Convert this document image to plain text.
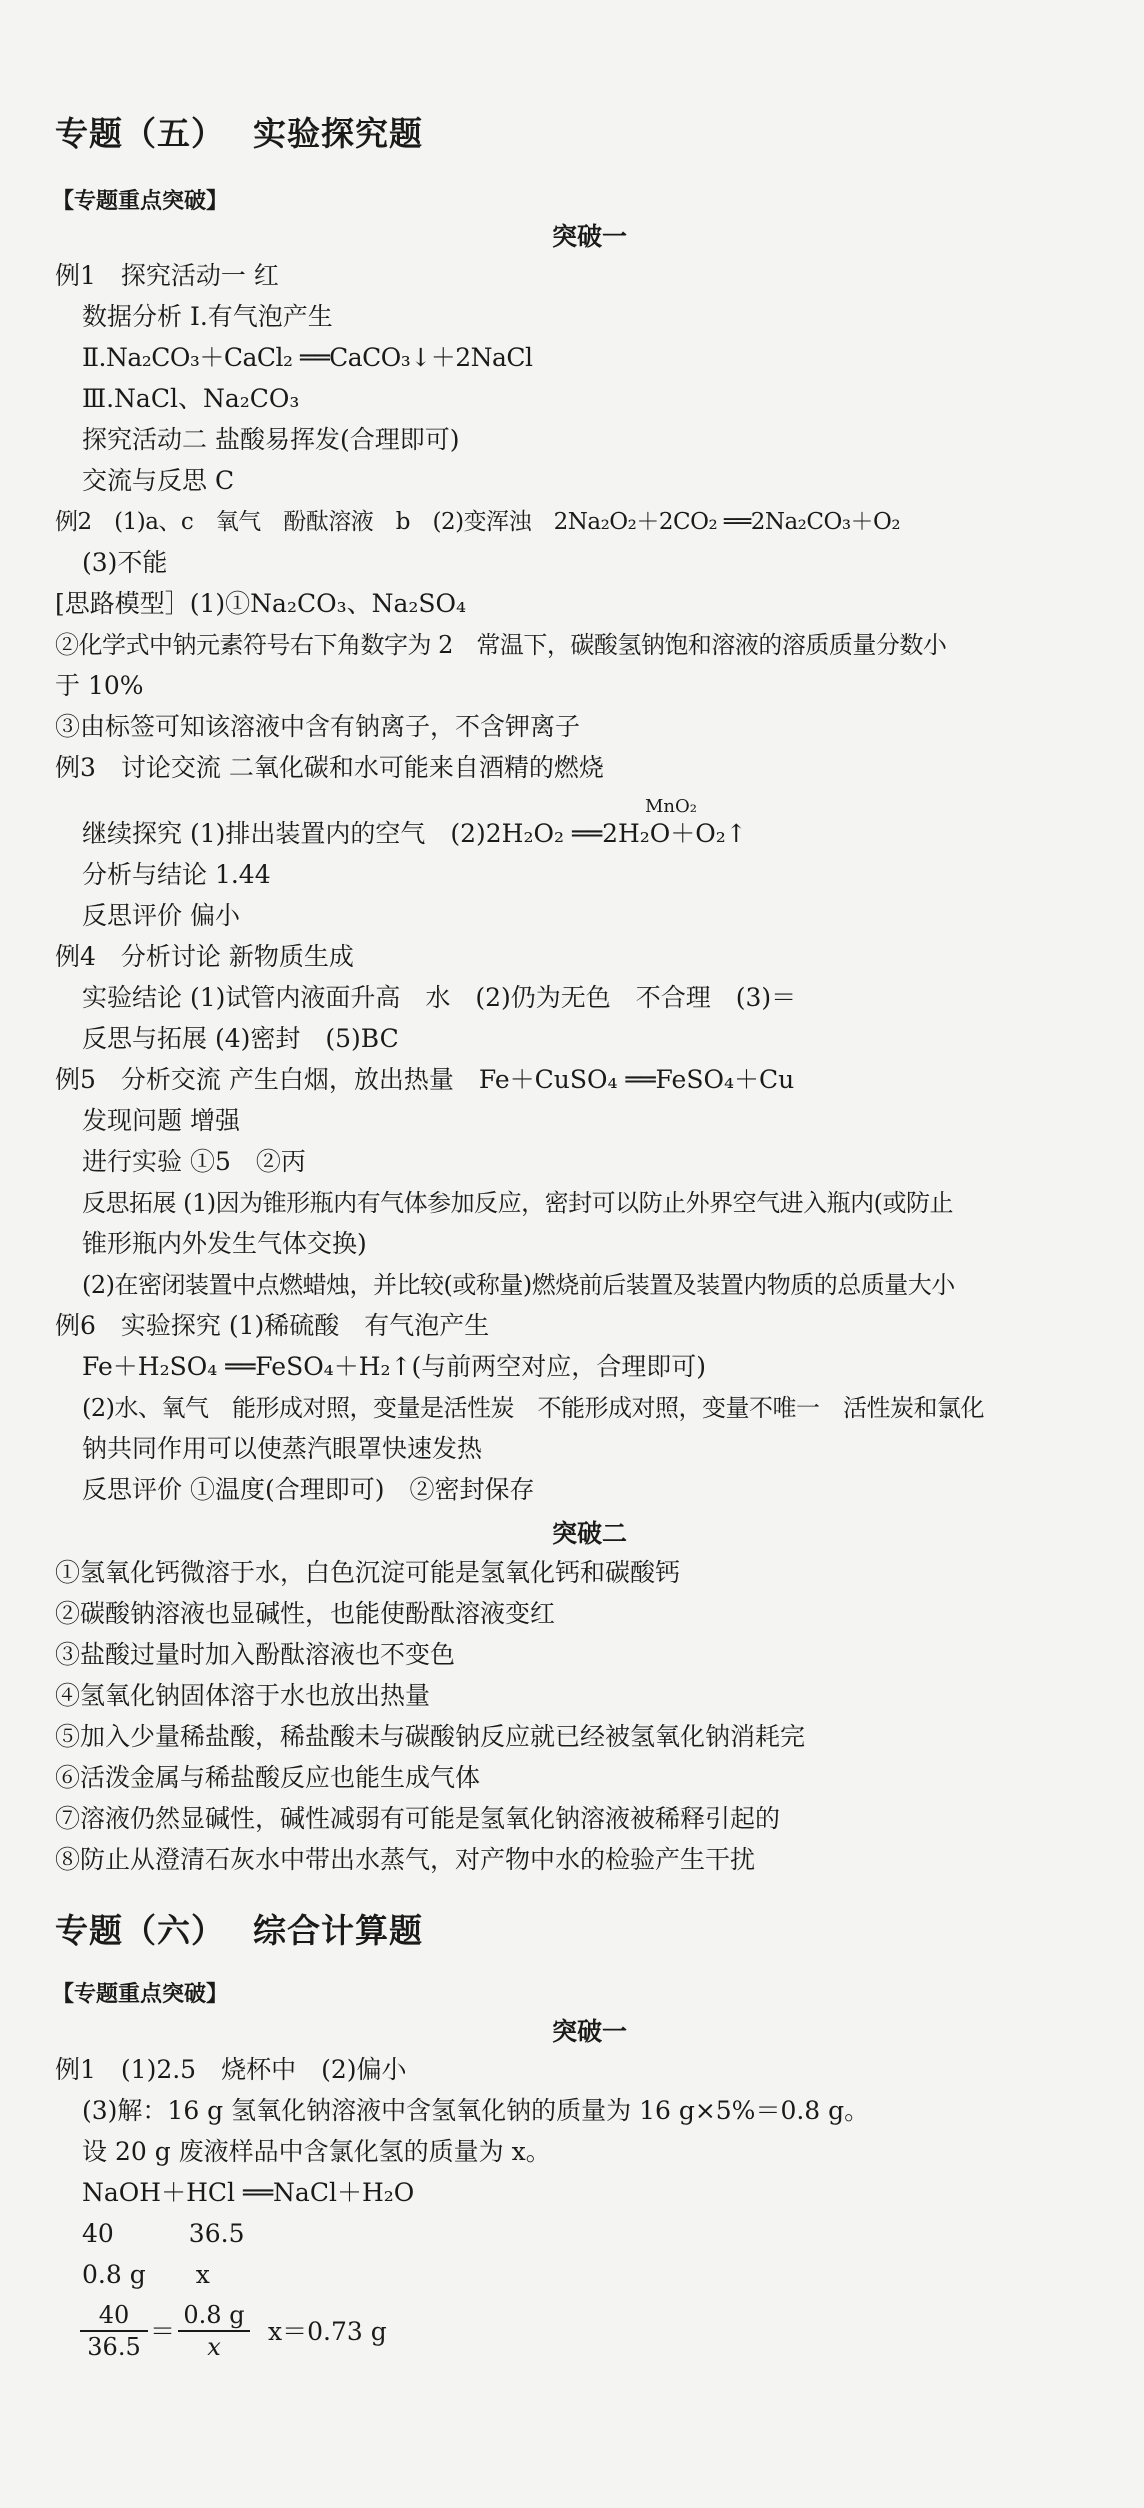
专题（五） 实验探究题
【专题重点突破】
突破一
例1　探究活动一 红
数据分析 Ⅰ.有气泡产生
Ⅱ.Na₂CO₃＋CaCl₂ ══CaCO₃↓＋2NaCl
Ⅲ.NaCl、Na₂CO₃
探究活动二 盐酸易挥发(合理即可)
交流与反思 C
例2　(1)a、c　氧气　酚酞溶液　b　(2)变浑浊　2Na₂O₂＋2CO₂ ══2Na₂CO₃＋O₂
(3)不能
[思路模型］(1)①Na₂CO₃、Na₂SO₄
②化学式中钠元素符号右下角数字为 2　常温下，碳酸氢钠饱和溶液的溶质质量分数小
于 10%
③由标签可知该溶液中含有钠离子，不含钾离子
例3　讨论交流 二氧化碳和水可能来自酒精的燃烧
MnO₂
继续探究 (1)排出装置内的空气　(2)2H₂O₂ ══2H₂O＋O₂↑
分析与结论 1.44
反思评价 偏小
例4　分析讨论 新物质生成
实验结论 (1)试管内液面升高　水　(2)仍为无色　不合理　(3)＝
反思与拓展 (4)密封　(5)BC
例5　分析交流 产生白烟，放出热量　Fe＋CuSO₄ ══FeSO₄＋Cu
发现问题 增强
进行实验 ①5　②丙
反思拓展 (1)因为锥形瓶内有气体参加反应，密封可以防止外界空气进入瓶内(或防止
锥形瓶内外发生气体交换)
(2)在密闭装置中点燃蜡烛，并比较(或称量)燃烧前后装置及装置内物质的总质量大小
例6　实验探究 (1)稀硫酸　有气泡产生
Fe＋H₂SO₄ ══FeSO₄＋H₂↑(与前两空对应，合理即可)
(2)水、氧气　能形成对照，变量是活性炭　不能形成对照，变量不唯一　活性炭和氯化
钠共同作用可以使蒸汽眼罩快速发热
反思评价 ①温度(合理即可)　②密封保存
突破二
①氢氧化钙微溶于水，白色沉淀可能是氢氧化钙和碳酸钙
②碳酸钠溶液也显碱性，也能使酚酞溶液变红
③盐酸过量时加入酚酞溶液也不变色
④氢氧化钠固体溶于水也放出热量
⑤加入少量稀盐酸，稀盐酸未与碳酸钠反应就已经被氢氧化钠消耗完
⑥活泼金属与稀盐酸反应也能生成气体
⑦溶液仍然显碱性，碱性减弱有可能是氢氧化钠溶液被稀释引起的
⑧防止从澄清石灰水中带出水蒸气，对产物中水的检验产生干扰
专题（六） 综合计算题
【专题重点突破】
突破一
例1　(1)2.5　烧杯中　(2)偏小
(3)解：16 g 氢氧化钠溶液中含氢氧化钠的质量为 16 g×5%＝0.8 g。
设 20 g 废液样品中含氯化氢的质量为 x。
NaOH＋HCl ══NaCl＋H₂O
40　　　36.5
0.8 g　　x
40
36.5
＝
0.8 g
x
x＝0.73 g
